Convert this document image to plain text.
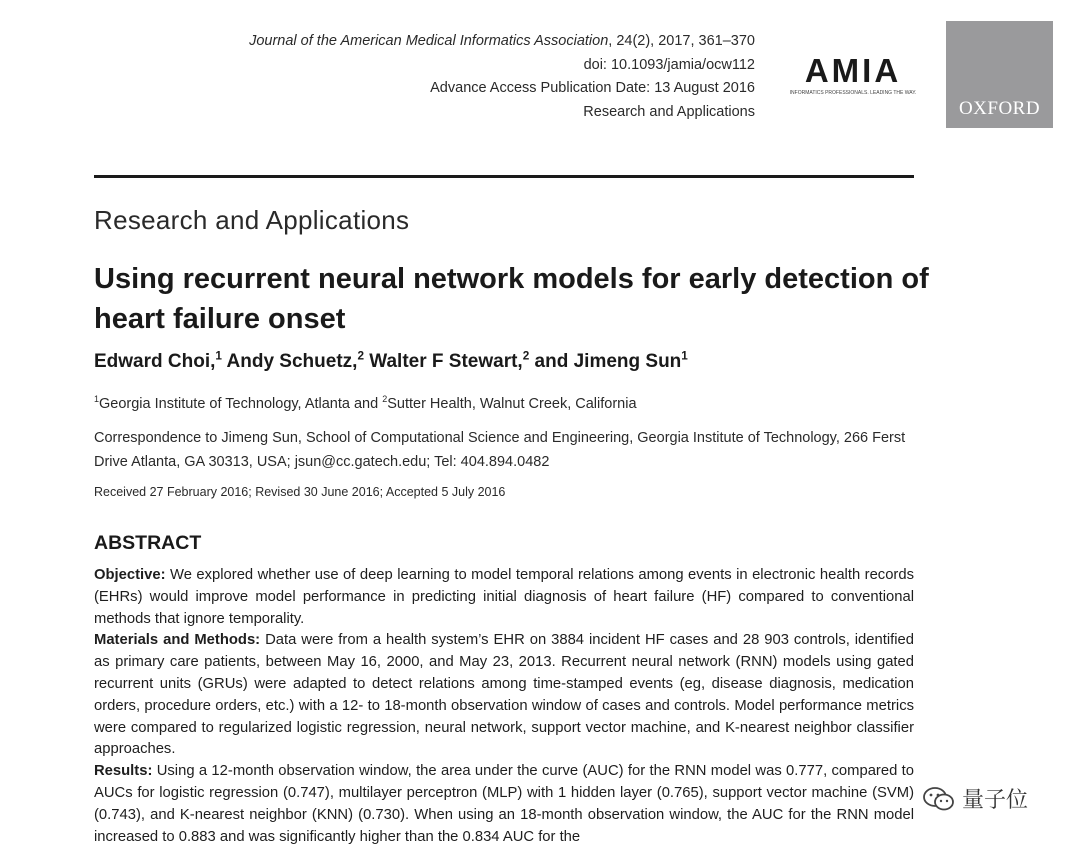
Journal of the American Medical Informatics Association, 24(2), 2017, 361–370
doi: 10.1093/jamia/ocw112
Advance Access Publication Date: 13 August 2016
Research and Applications
AMIA
INFORMATICS PROFESSIONALS. LEADING THE WAY.
OXFORD
Research and Applications
Using recurrent neural network models for early detection of heart failure onset
Edward Choi,$^1$ Andy Schuetz,$^2$ Walter F Stewart,$^2$ and Jimeng Sun$^1$
$^1$Georgia Institute of Technology, Atlanta and $^2$Sutter Health, Walnut Creek, California
Correspondence to Jimeng Sun, School of Computational Science and Engineering, Georgia Institute of Technology, 266 Ferst Drive Atlanta, GA 30313, USA; jsun@cc.gatech.edu; Tel: 404.894.0482
Received 27 February 2016; Revised 30 June 2016; Accepted 5 July 2016
ABSTRACT

Objective: We explored whether use of deep learning to model temporal relations among events in electronic health records (EHRs) would improve model performance in predicting initial diagnosis of heart failure (HF) compared to conventional methods that ignore temporality.

Materials and Methods: Data were from a health system’s EHR on 3884 incident HF cases and 28 903 controls, identified as primary care patients, between May 16, 2000, and May 23, 2013. Recurrent neural network (RNN) models using gated recurrent units (GRUs) were adapted to detect relations among time-stamped events (eg, disease diagnosis, medication orders, procedure orders, etc.) with a 12- to 18-month observation window of cases and controls. Model performance metrics were compared to regularized logistic regression, neural network, support vector machine, and K-nearest neighbor classifier approaches.

Results: Using a 12-month observation window, the area under the curve (AUC) for the RNN model was 0.777, compared to AUCs for logistic regression (0.747), multilayer perceptron (MLP) with 1 hidden layer (0.765), support vector machine (SVM) (0.743), and K-nearest neighbor (KNN) (0.730). When using an 18-month observation window, the AUC for the RNN model increased to 0.883 and was significantly higher than the 0.834 AUC for the

量子位
